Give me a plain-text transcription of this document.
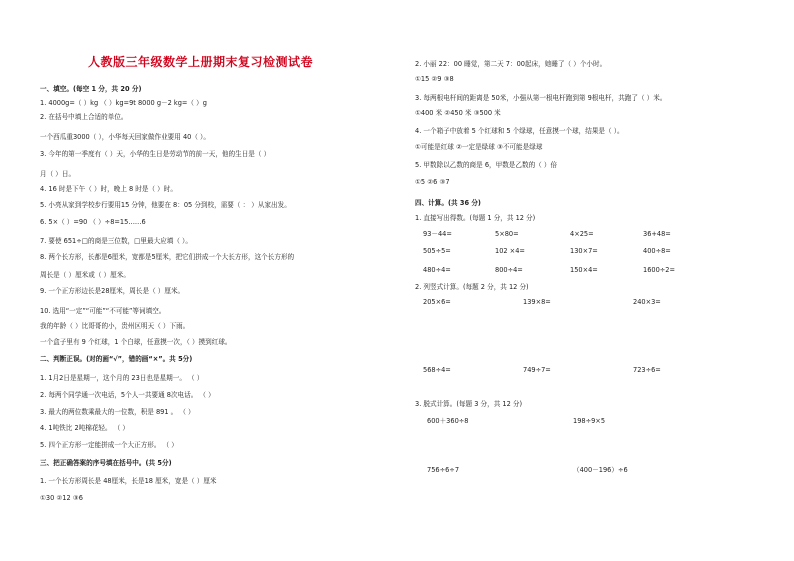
人教版三年级数学上册期末复习检测试卷
一、填空。(每空 1 分，共 20 分)
1. 4000g=（ ）kg （ ）kg=9t 8000 g－2 kg=（ ）g
2. 在括号中填上合适的单位。
一个西瓜重3000（ ），小华每天回家做作业要用 40（ ）。
3. 今年的第一季度有（ ）天，小华的生日是劳动节的前一天，他的生日是（ ）
月（ ）日。
4. 16 时是下午（ ）时，晚上 8 时是（ ）时。
5. 小亮从家到学校步行要用15 分钟，他要在 8：05 分到校，需要（ ： ）从家出发。
6. 5×（ ）=90 （ ）÷8=15……6
7. 要使 651÷□的商是三位数，□里最大应填（ ）。
8. 两个长方形，长都是6厘米，宽都是5厘米，把它们拼成一个大长方形，这个长方形的
周长是（ ）厘米或（ ）厘米。
9. 一个正方形边长是28厘米，周长是（ ）厘米。
10. 选用“一定”“可能”“不可能”等词填空。
我的年龄（ ）比哥哥的小，贵州区明天（ ）下雨。
一个盒子里有 9 个红球，1 个白球，任意摸一次，（ ）摸到红球。
二、判断正误。(对的画“√”，错的画“×”。共 5分)
1. 1月2日是星期一，这个月的 23日也是星期一。 （ ）
2. 每两个同学通一次电话，5个人一共要通 8次电话。 （ ）
3. 最大的两位数乘最大的一位数，积是 891 。 （ ）
4. 1吨铁比 2吨棉花轻。 （ ）
5. 四个正方形一定能拼成一个大正方形。 （ ）
三、把正确答案的序号填在括号中。(共 5分)
1. 一个长方形周长是 48厘米，长是18 厘米，宽是（ ）厘米
①30 ②12 ③6
2. 小丽 22：00 睡觉，第二天 7：00起床，她睡了（ ）个小时。
①15 ②9 ③8
3. 每两根电杆间的距离是 50米，小强从第一根电杆跑到第 9根电杆，共跑了（ ）米。
①400 米 ②450 米 ③500 米
4. 一个箱子中放着 5 个红球和 5 个绿球，任意摸一个球，结果是（ ）。
①可能是红球 ②一定是绿球 ③不可能是绿球
5. 甲数除以乙数的商是 6，甲数是乙数的（ ）倍
①5 ②6 ③7
四、计算。(共 36 分)
1. 直接写出得数。(每题 1 分，共 12 分)
93－44=	5×80=	4×25=	36+48=
505÷5=	102 ×4=	130×7=	400÷8=
480÷4=	800÷4=	150×4=	1600÷2=
2. 列竖式计算。(每题 2 分，共 12 分)
205×6=	139×8=	240×3=
568÷4=	749÷7=	723÷6=
3. 脱式计算。(每题 3 分，共 12 分)
600＋360÷8	198÷9×5
756÷6÷7	（400－196）÷6
